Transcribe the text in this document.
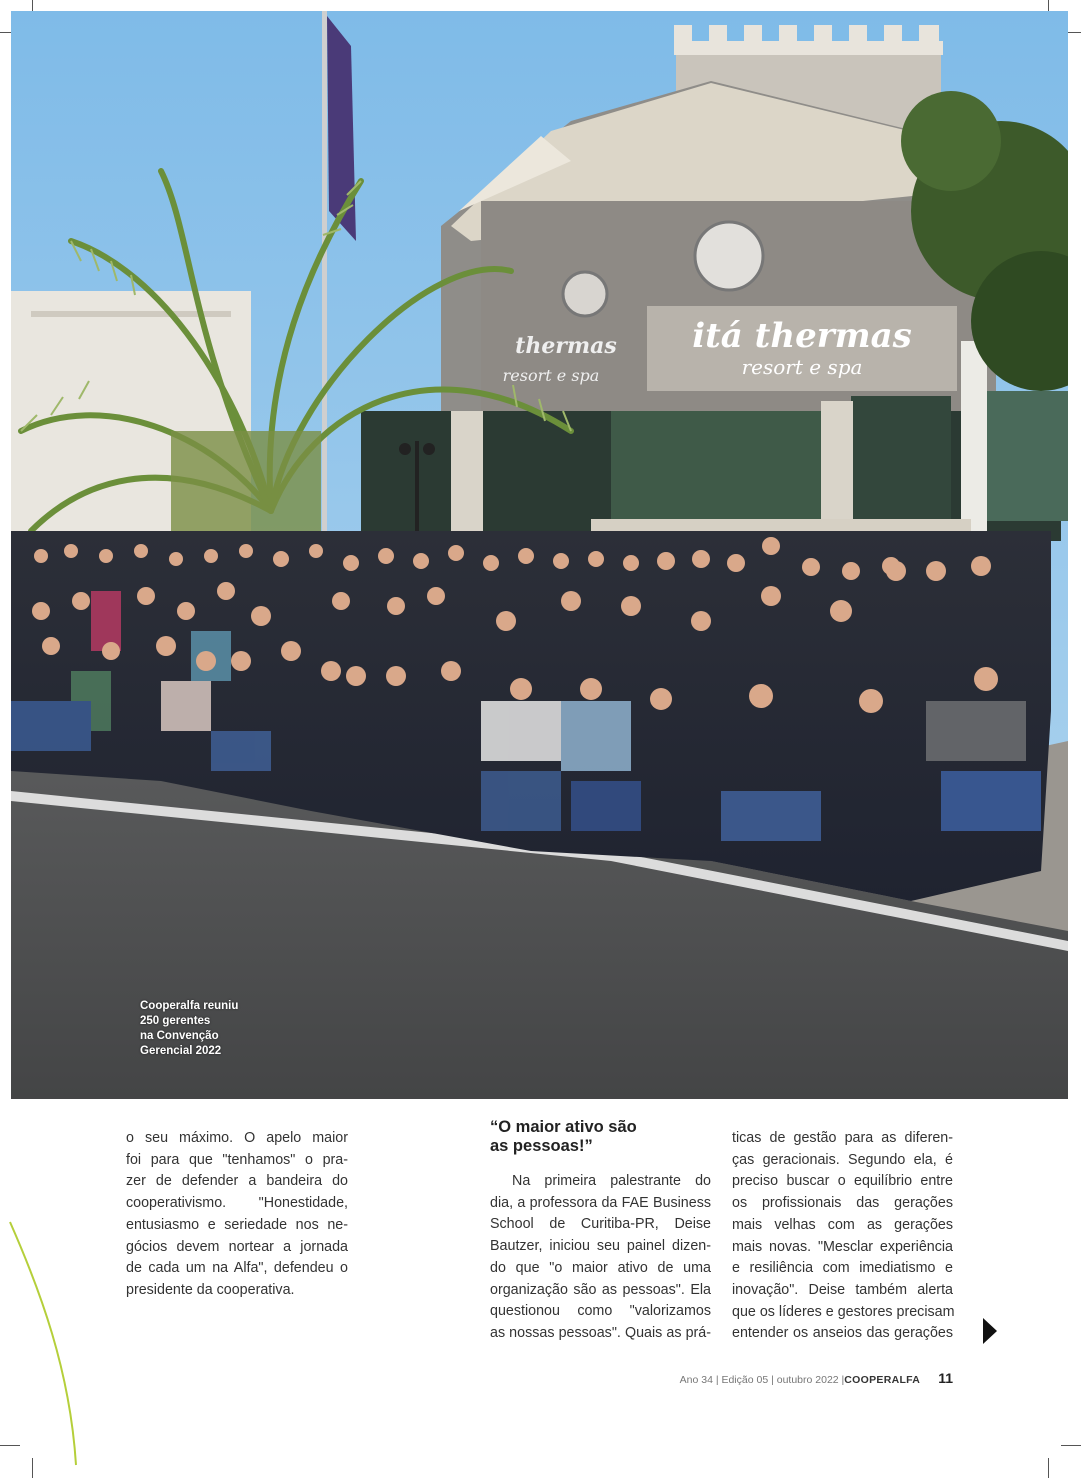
itá thermas
resort e spa
thermas
resort e spa
Cooperalfa reuniu
250 gerentes
na Convenção
Gerencial 2022
o seu máximo. O apelo maior
foi para que "tenhamos" o pra-
zer de defender a bandeira do
cooperativismo. "Honestidade,
entusiasmo e seriedade nos ne-
gócios devem nortear a jornada
de cada um na Alfa", defendeu o
presidente da cooperativa.
“O maior ativo são
as pessoas!”
Na primeira palestrante do
dia, a professora da FAE Business
School de Curitiba-PR, Deise
Bautzer, iniciou seu painel dizen-
do que "o maior ativo de uma
organização são as pessoas". Ela
questionou como "valorizamos
as nossas pessoas". Quais as prá-
ticas de gestão para as diferen-
ças geracionais. Segundo ela, é
preciso buscar o equilíbrio entre
os profissionais das gerações
mais velhas com as gerações
mais novas. "Mesclar experiência
e resiliência com imediatismo e
inovação". Deise também alerta
que os líderes e gestores precisam
entender os anseios das gerações
Ano 34 | Edição 05 | outubro 2022 | COOPERALFA 11
